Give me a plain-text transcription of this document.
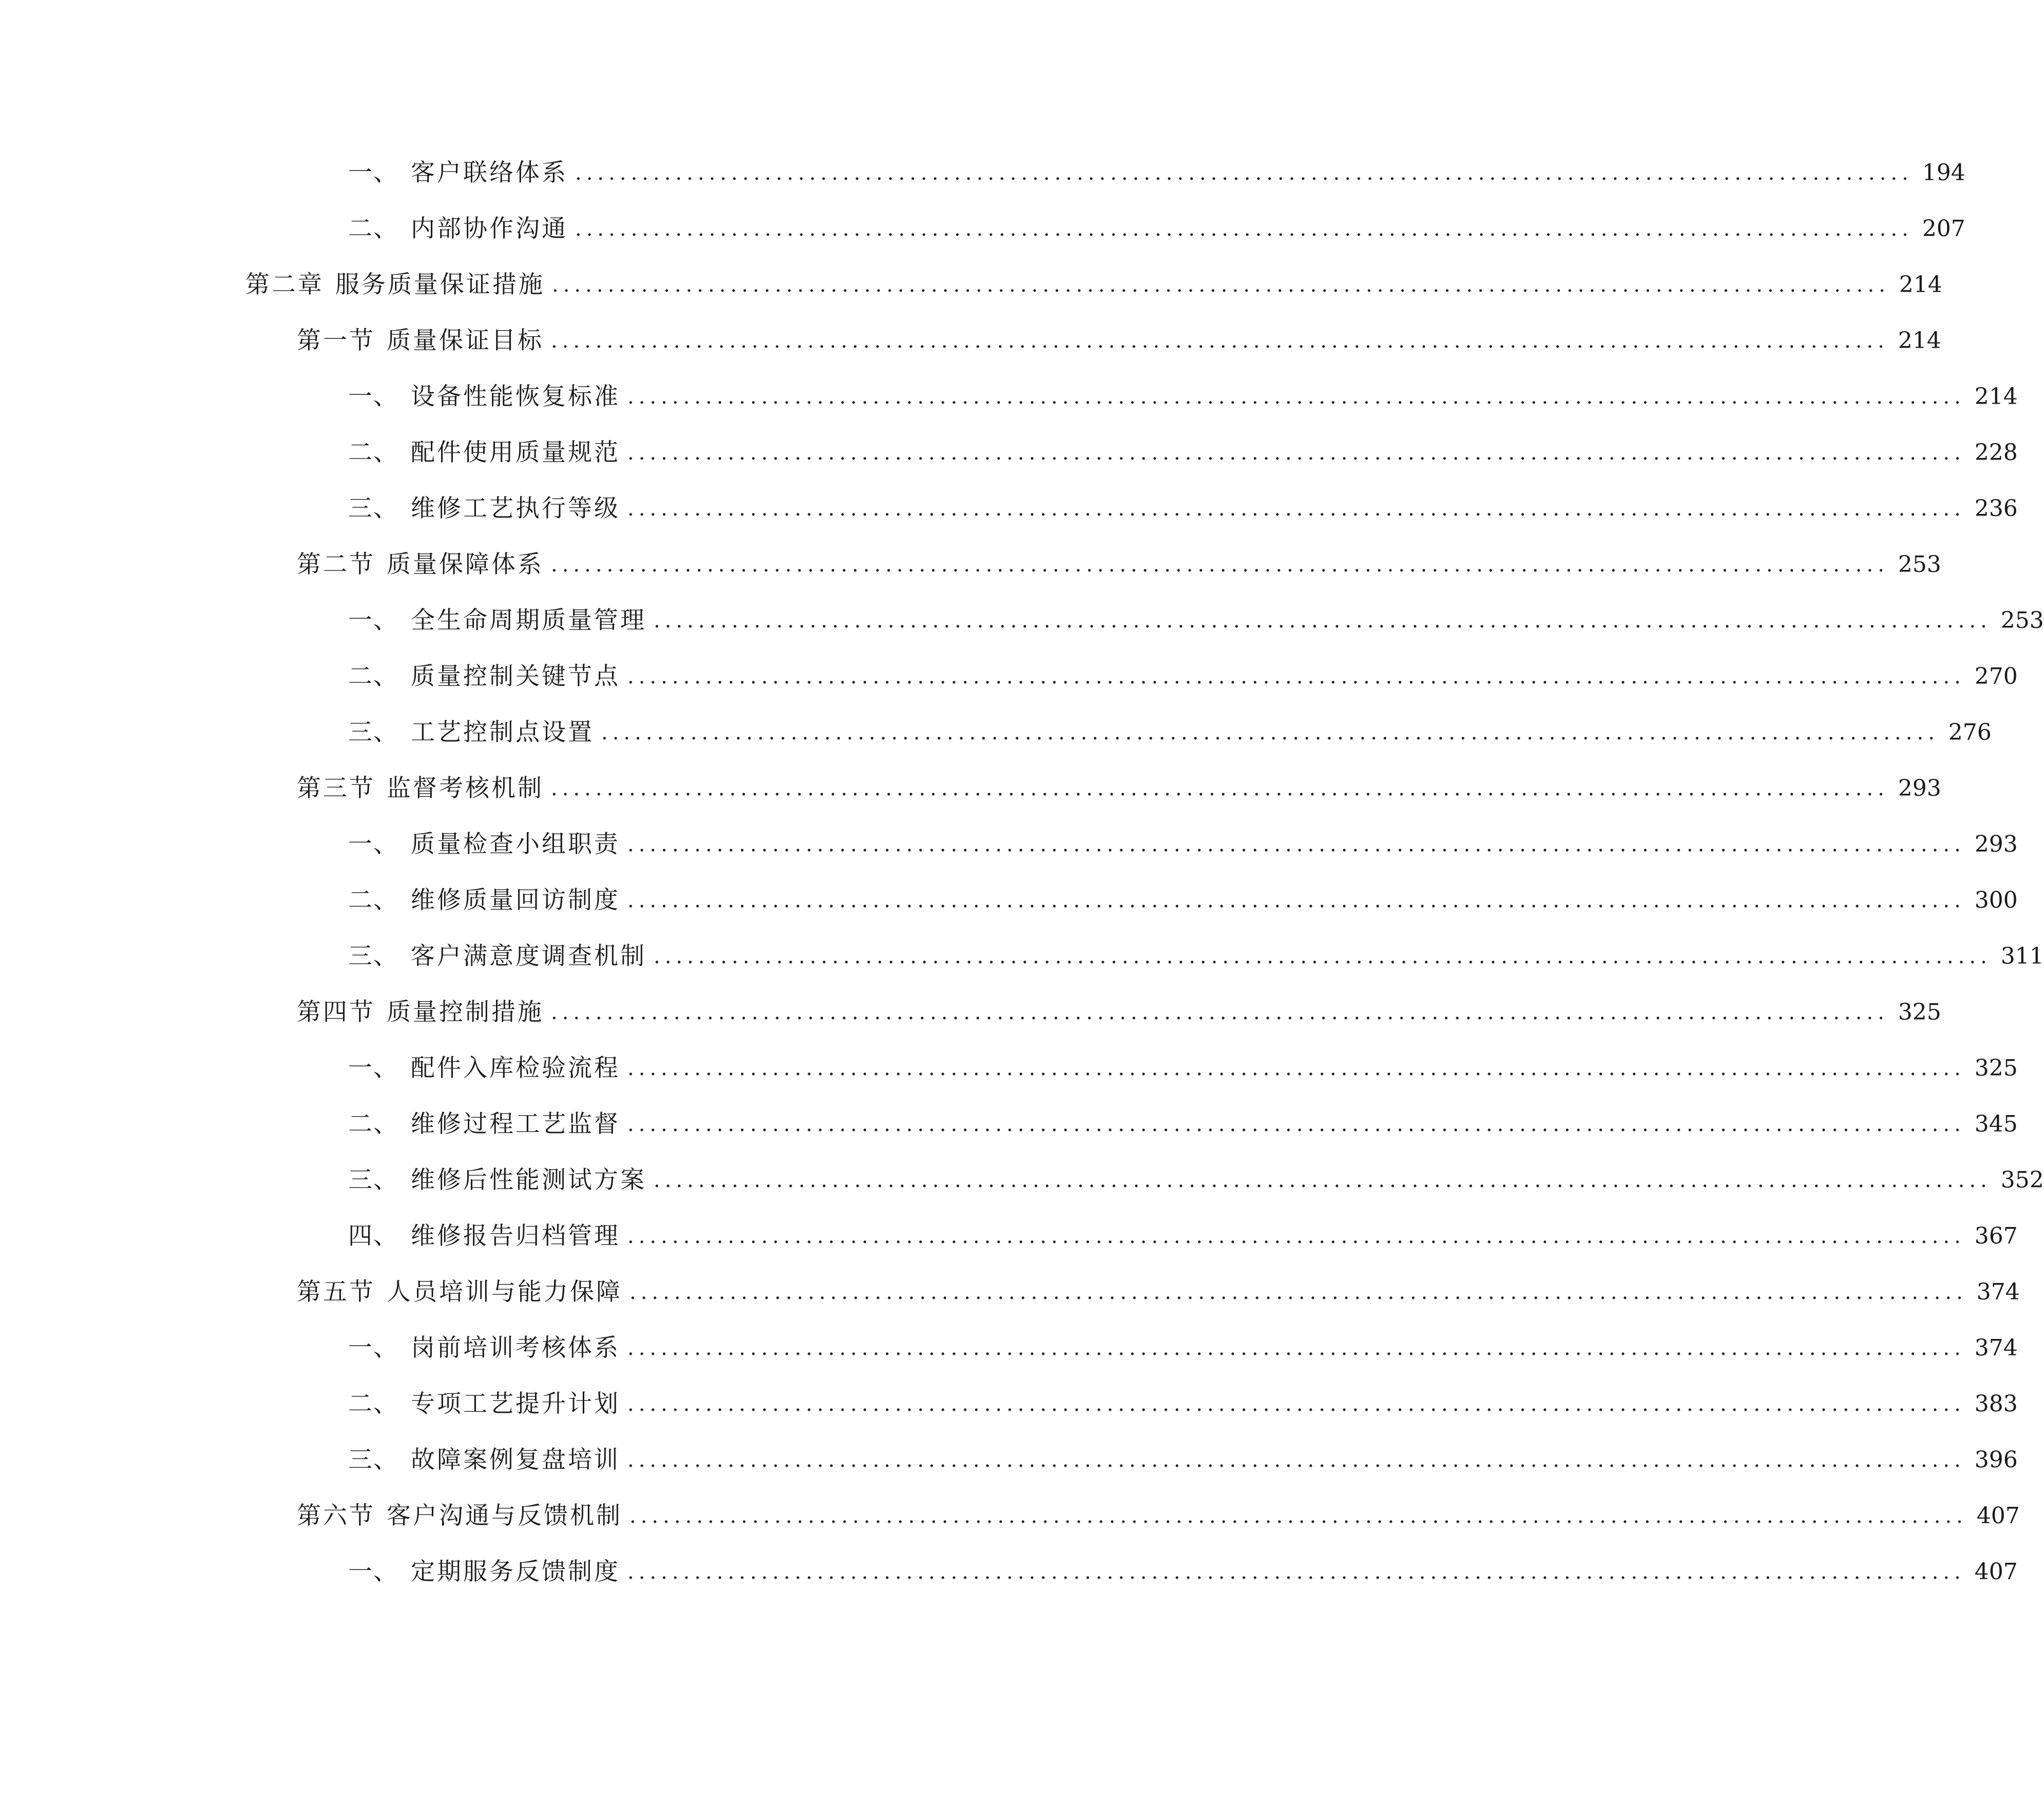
一、 客户联络体系 ........................................................................................................................ 194
二、 内部协作沟通 ........................................................................................................................ 207
第二章 服务质量保证措施 ........................................................................................................................ 214
第一节 质量保证目标 ........................................................................................................................ 214
一、 设备性能恢复标准 ........................................................................................................................ 214
二、 配件使用质量规范 ........................................................................................................................ 228
三、 维修工艺执行等级 ........................................................................................................................ 236
第二节 质量保障体系 ........................................................................................................................ 253
一、 全生命周期质量管理 ........................................................................................................................ 253
二、 质量控制关键节点 ........................................................................................................................ 270
三、 工艺控制点设置 ........................................................................................................................ 276
第三节 监督考核机制 ........................................................................................................................ 293
一、 质量检查小组职责 ........................................................................................................................ 293
二、 维修质量回访制度 ........................................................................................................................ 300
三、 客户满意度调查机制 ........................................................................................................................ 311
第四节 质量控制措施 ........................................................................................................................ 325
一、 配件入库检验流程 ........................................................................................................................ 325
二、 维修过程工艺监督 ........................................................................................................................ 345
三、 维修后性能测试方案 ........................................................................................................................ 352
四、 维修报告归档管理 ........................................................................................................................ 367
第五节 人员培训与能力保障 ........................................................................................................................ 374
一、 岗前培训考核体系 ........................................................................................................................ 374
二、 专项工艺提升计划 ........................................................................................................................ 383
三、 故障案例复盘培训 ........................................................................................................................ 396
第六节 客户沟通与反馈机制 ........................................................................................................................ 407
一、 定期服务反馈制度 ........................................................................................................................ 407
